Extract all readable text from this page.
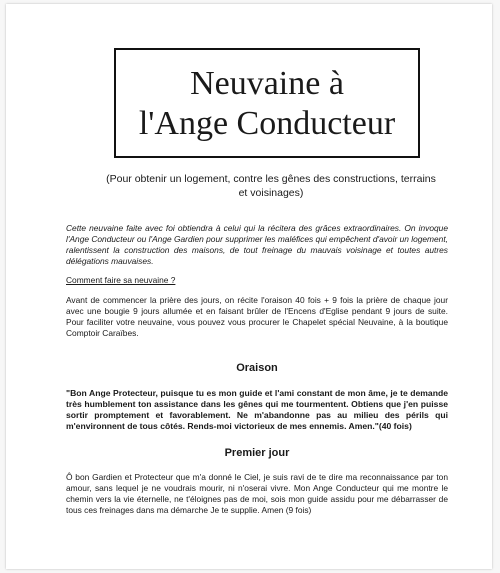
Neuvaine à
l'Ange Conducteur

(Pour obtenir un logement, contre les gênes des constructions, terrains et voisinages)

Cette neuvaine faite avec foi obtiendra à celui qui la récitera des grâces extraordinaires. On invoque l'Ange Conducteur ou l'Ange Gardien pour supprimer les maléfices qui empêchent d'avoir un logement, ralentissent la construction des maisons, de tout freinage du mauvais voisinage et toutes autres délégations mauvaises.

Comment faire sa neuvaine ?

Avant de commencer la prière des jours, on récite l'oraison 40 fois + 9 fois la prière de chaque jour avec une bougie 9 jours allumée et en faisant brûler de l'Encens d'Eglise pendant 9 jours de suite. Pour faciliter votre neuvaine, vous pouvez vous procurer le Chapelet spécial Neuvaine, à la boutique Comptoir Caraïbes.

Oraison

"Bon Ange Protecteur, puisque tu es mon guide et l'ami constant de mon âme, je te demande très humblement ton assistance dans les gênes qui me tourmentent. Obtiens que j'en puisse sortir promptement et favorablement. Ne m'abandonne pas au milieu des périls qui m'environnent de tous côtés. Rends-moi victorieux de mes ennemis. Amen."(40 fois)

Premier jour

Ô bon Gardien et Protecteur que m'a donné le Ciel, je suis ravi de te dire ma reconnaissance par ton amour, sans lequel je ne voudrais mourir, ni n'oserai vivre. Mon Ange Conducteur qui me montre le chemin vers la vie éternelle, ne t'éloignes pas de moi, sois mon guide assidu pour me débarrasser de tous ces freinages dans ma démarche Je te supplie. Amen (9 fois)
